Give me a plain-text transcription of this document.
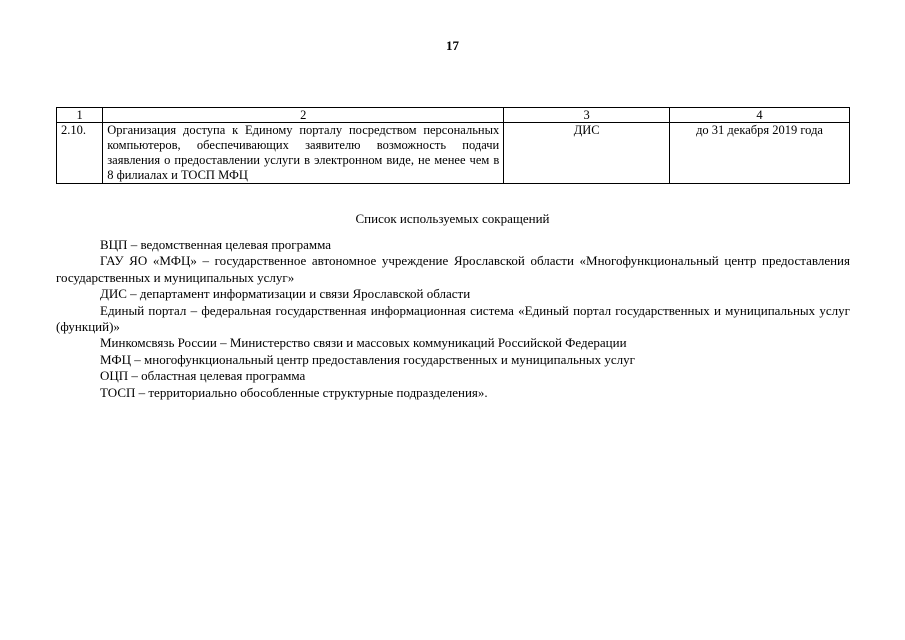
17
1	2	3	4
2.10.	Организация доступа к Единому порталу посредством персональных компьютеров, обеспечивающих заявителю возможность подачи заявления о предоставлении услуги в электронном виде, не менее чем в 8 филиалах и ТОСП МФЦ	ДИС	до 31 декабря 2019 года
Список используемых сокращений

ВЦП – ведомственная целевая программа

ГАУ ЯО «МФЦ» – государственное автономное учреждение Ярославской области «Многофункциональный центр предоставления государственных и муниципальных услуг»

ДИС – департамент информатизации и связи Ярославской области

Единый портал – федеральная государственная информационная система «Единый портал государственных и муниципальных услуг (функций)»

Минкомсвязь России – Министерство связи и массовых коммуникаций Российской Федерации

МФЦ – многофункциональный центр предоставления государственных и муниципальных услуг

ОЦП – областная целевая программа

ТОСП – территориально обособленные структурные подразделения».
